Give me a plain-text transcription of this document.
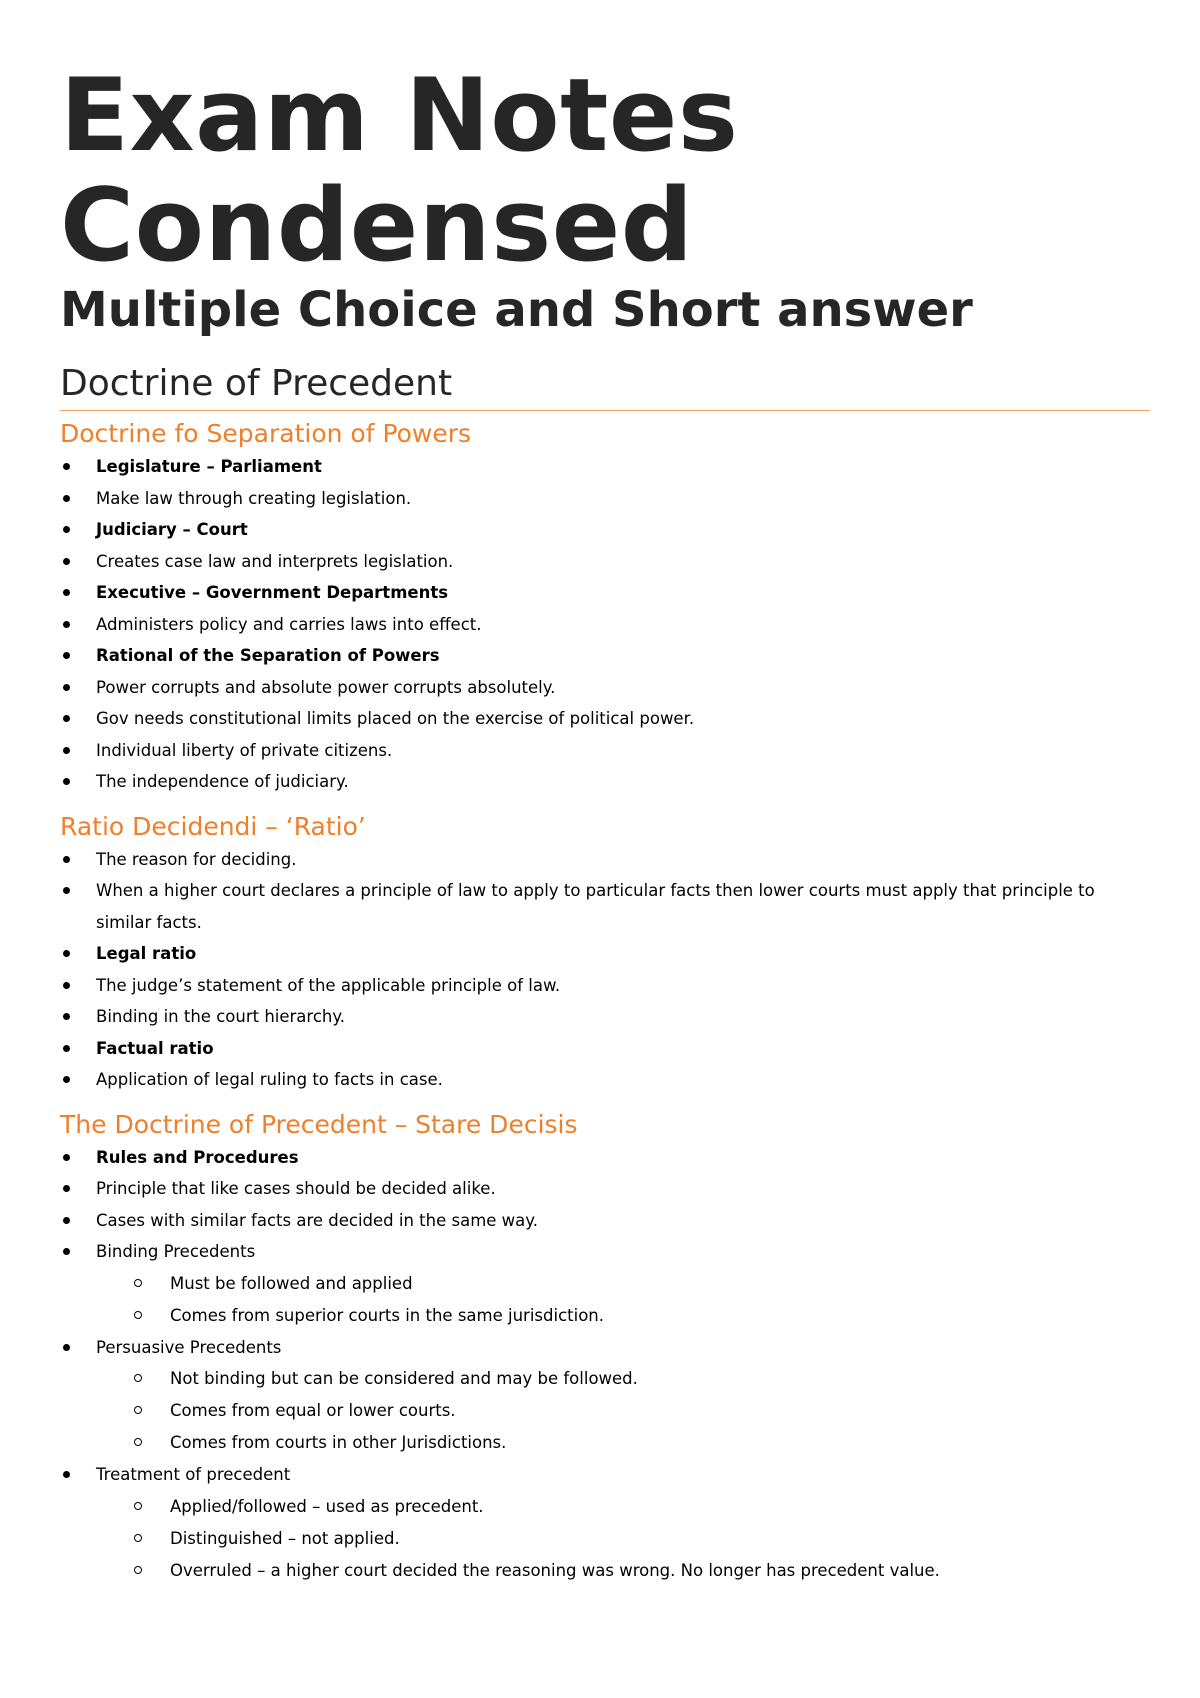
Exam Notes
Condensed
Multiple Choice and Short answer
Doctrine of Precedent
Doctrine fo Separation of Powers
Legislature – Parliament
Make law through creating legislation.
Judiciary – Court
Creates case law and interprets legislation.
Executive – Government Departments
Administers policy and carries laws into effect.
Rational of the Separation of Powers
Power corrupts and absolute power corrupts absolutely.
Gov needs constitutional limits placed on the exercise of political power.
Individual liberty of private citizens.
The independence of judiciary.
Ratio Decidendi – ‘Ratio’
The reason for deciding.
When a higher court declares a principle of law to apply to particular facts then lower courts must apply that principle to similar facts.
Legal ratio
The judge’s statement of the applicable principle of law.
Binding in the court hierarchy.
Factual ratio
Application of legal ruling to facts in case.
The Doctrine of Precedent – Stare Decisis
Rules and Procedures
Principle that like cases should be decided alike.
Cases with similar facts are decided in the same way.
Binding Precedents
Must be followed and applied
Comes from superior courts in the same jurisdiction.
Persuasive Precedents
Not binding but can be considered and may be followed.
Comes from equal or lower courts.
Comes from courts in other Jurisdictions.
Treatment of precedent
Applied/followed – used as precedent.
Distinguished – not applied.
Overruled – a higher court decided the reasoning was wrong. No longer has precedent value.
